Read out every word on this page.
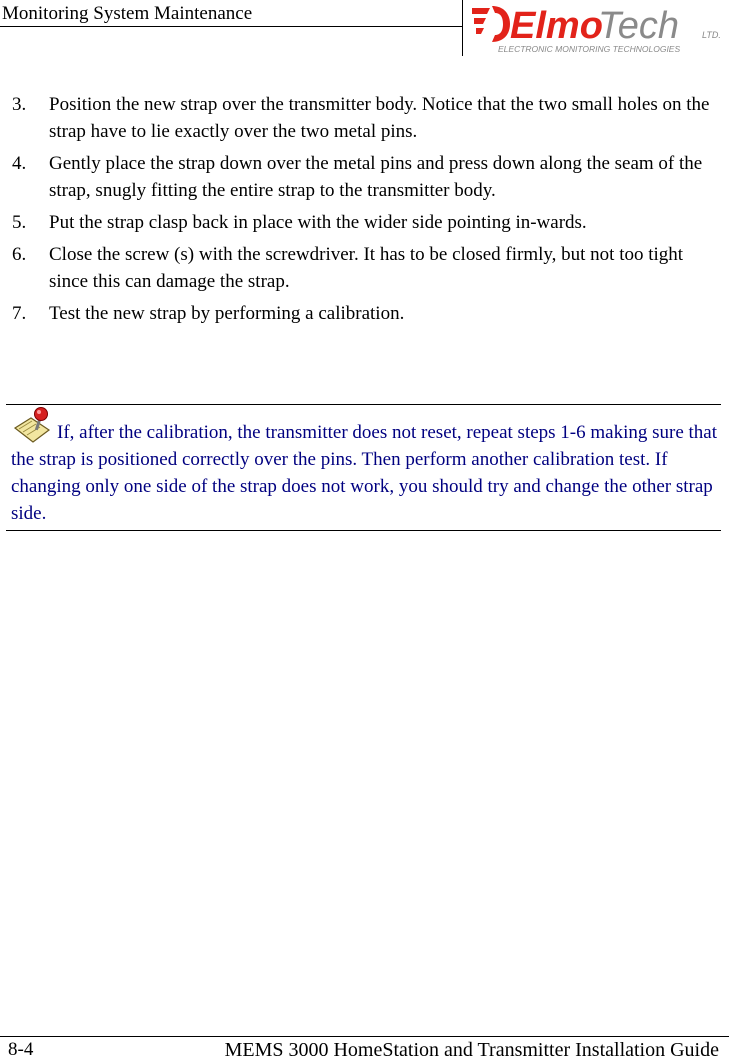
Monitoring System Maintenance	Elmo
Tech	LTD.
ELECTRONIC MONITORING TECHNOLOGIES
3. Position the new strap over the transmitter body. Notice that the two small holes on the strap have to lie exactly over the two metal pins.
4. Gently place the strap down over the metal pins and press down along the seam of the strap, snugly fitting the entire strap to the transmitter body.
5. Put the strap clasp back in place with the wider side pointing in-wards.
6. Close the screw (s) with the screwdriver. It has to be closed firmly, but not too tight since this can damage the strap.
7. Test the new strap by performing a calibration.
If, after the calibration, the transmitter does not reset, repeat steps 1-6 making sure that the strap is positioned correctly over the pins. Then perform another calibration test. If changing only one side of the strap does not work, you should try and change the other strap side.
8-4	MEMS 3000 HomeStation and Transmitter Installation Guide
